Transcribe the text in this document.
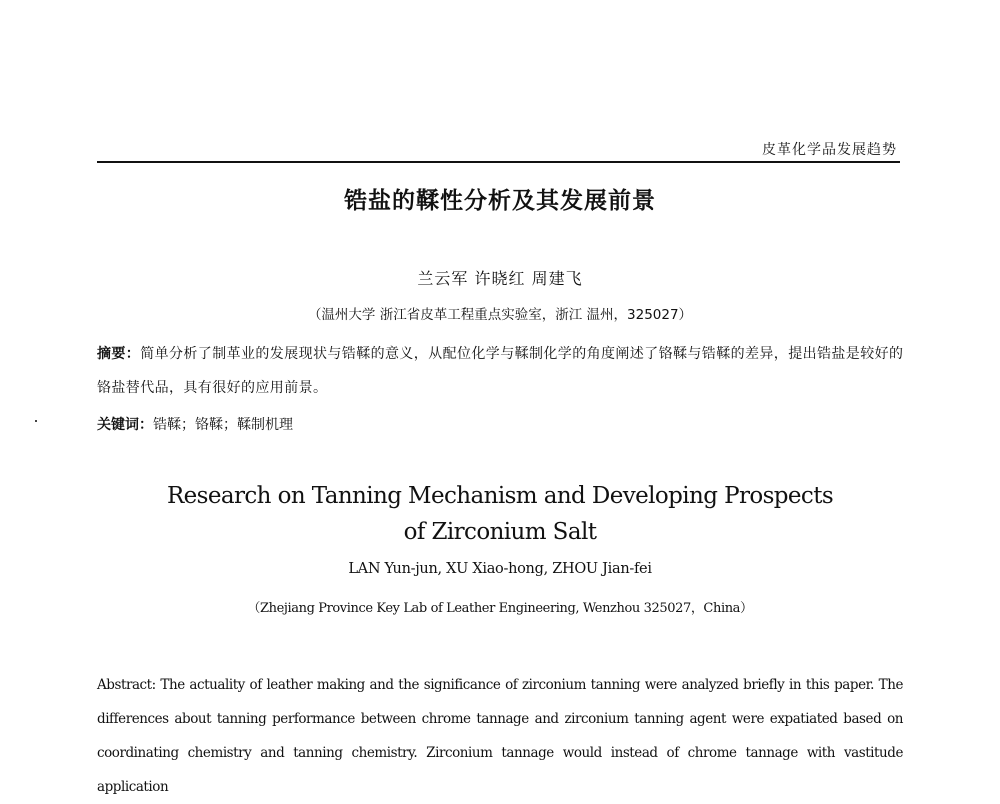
皮革化学品发展趋势
锆盐的鞣性分析及其发展前景
兰云军 许晓红 周建飞
（温州大学 浙江省皮革工程重点实验室，浙江 温州，325027）
摘要：简单分析了制革业的发展现状与锆鞣的意义，从配位化学与鞣制化学的角度阐述了铬鞣与锆鞣的差异，提出锆盐是较好的铬盐替代品，具有很好的应用前景。
关键词：锆鞣；铬鞣；鞣制机理
Research on Tanning Mechanism and Developing Prospects
of Zirconium Salt
LAN Yun-jun, XU Xiao-hong, ZHOU Jian-fei
（Zhejiang Province Key Lab of Leather Engineering, Wenzhou 325027，China）
Abstract: The actuality of leather making and the significance of zirconium tanning were analyzed briefly in this paper. The differences about tanning performance between chrome tannage and zirconium tanning agent were expatiated based on coordinating chemistry and tanning chemistry. Zirconium tannage would instead of chrome tannage with vastitude application
